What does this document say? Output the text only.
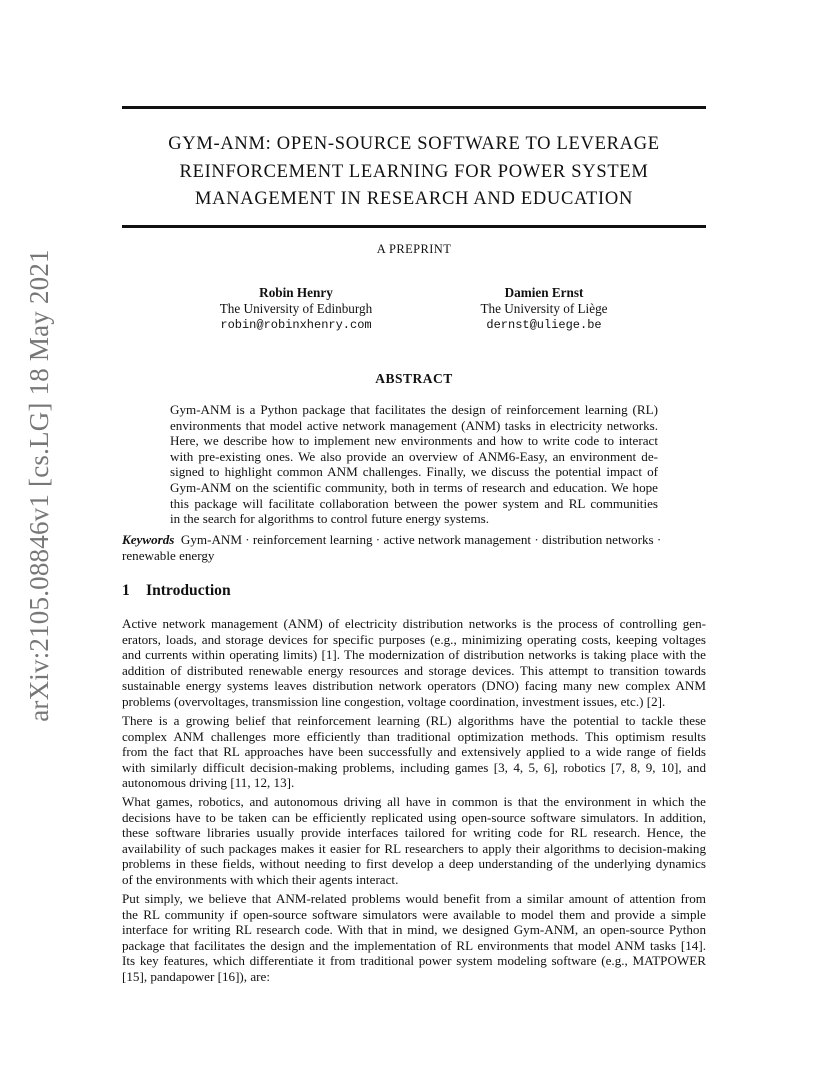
arXiv:2105.08846v1 [cs.LG] 18 May 2021
GYM-ANM: OPEN-SOURCE SOFTWARE TO LEVERAGE
REINFORCEMENT LEARNING FOR POWER SYSTEM
MANAGEMENT IN RESEARCH AND EDUCATION
A PREPRINT
Robin Henry
The University of Edinburgh
robin@robinxhenry.com
Damien Ernst
The University of Liège
dernst@uliege.be
ABSTRACT
Gym-ANM is a Python package that facilitates the design of reinforcement learning (RL)
environments that model active network management (ANM) tasks in electricity networks.
Here, we describe how to implement new environments and how to write code to interact
with pre-existing ones. We also provide an overview of ANM6-Easy, an environment de-
signed to highlight common ANM challenges. Finally, we discuss the potential impact of
Gym-ANM on the scientific community, both in terms of research and education. We hope
this package will facilitate collaboration between the power system and RL communities
in the search for algorithms to control future energy systems.
Keywords Gym-ANM · reinforcement learning · active network management · distribution networks · renewable energy
1 Introduction
Active network management (ANM) of electricity distribution networks is the process of controlling gen-
erators, loads, and storage devices for specific purposes (e.g., minimizing operating costs, keeping voltages
and currents within operating limits) [1]. The modernization of distribution networks is taking place with the
addition of distributed renewable energy resources and storage devices. This attempt to transition towards
sustainable energy systems leaves distribution network operators (DNO) facing many new complex ANM
problems (overvoltages, transmission line congestion, voltage coordination, investment issues, etc.) [2].
There is a growing belief that reinforcement learning (RL) algorithms have the potential to tackle these
complex ANM challenges more efficiently than traditional optimization methods. This optimism results
from the fact that RL approaches have been successfully and extensively applied to a wide range of fields
with similarly difficult decision-making problems, including games [3, 4, 5, 6], robotics [7, 8, 9, 10], and
autonomous driving [11, 12, 13].
What games, robotics, and autonomous driving all have in common is that the environment in which the
decisions have to be taken can be efficiently replicated using open-source software simulators. In addition,
these software libraries usually provide interfaces tailored for writing code for RL research. Hence, the
availability of such packages makes it easier for RL researchers to apply their algorithms to decision-making
problems in these fields, without needing to first develop a deep understanding of the underlying dynamics
of the environments with which their agents interact.
Put simply, we believe that ANM-related problems would benefit from a similar amount of attention from
the RL community if open-source software simulators were available to model them and provide a simple
interface for writing RL research code. With that in mind, we designed Gym-ANM, an open-source Python
package that facilitates the design and the implementation of RL environments that model ANM tasks [14].
Its key features, which differentiate it from traditional power system modeling software (e.g., MATPOWER
[15], pandapower [16]), are:
